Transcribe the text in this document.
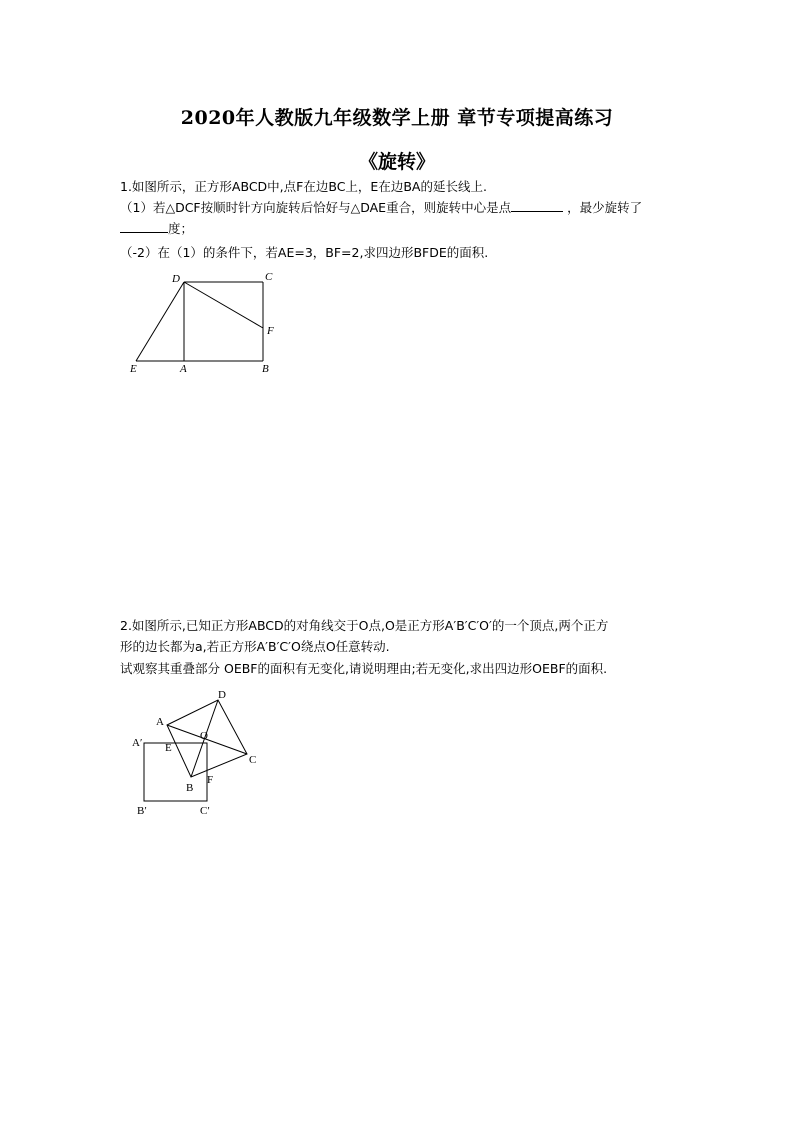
2020年人教版九年级数学上册 章节专项提高练习
《旋转》
1.如图所示，正方形ABCD中,点F在边BC上，E在边BA的延长线上.
（1）若△DCF按顺时针方向旋转后恰好与△DAE重合，则旋转中心是点	，最少旋转了
度；
（-2）在（1）的条件下，若AE=3，BF=2,求四边形BFDE的面积.
D	C
F
E	A	B
2.如图所示,已知正方形ABCD的对角线交于O点,O是正方形A′B′C′O′的一个顶点,两个正方
形的边长都为a,若正方形A′B′C′O绕点O任意转动.
试观察其重叠部分 OEBF的面积有无变化,请说明理由;若无变化,求出四边形OEBF的面积.
D
A
A′ E
O
C
F
B
B′	C′
